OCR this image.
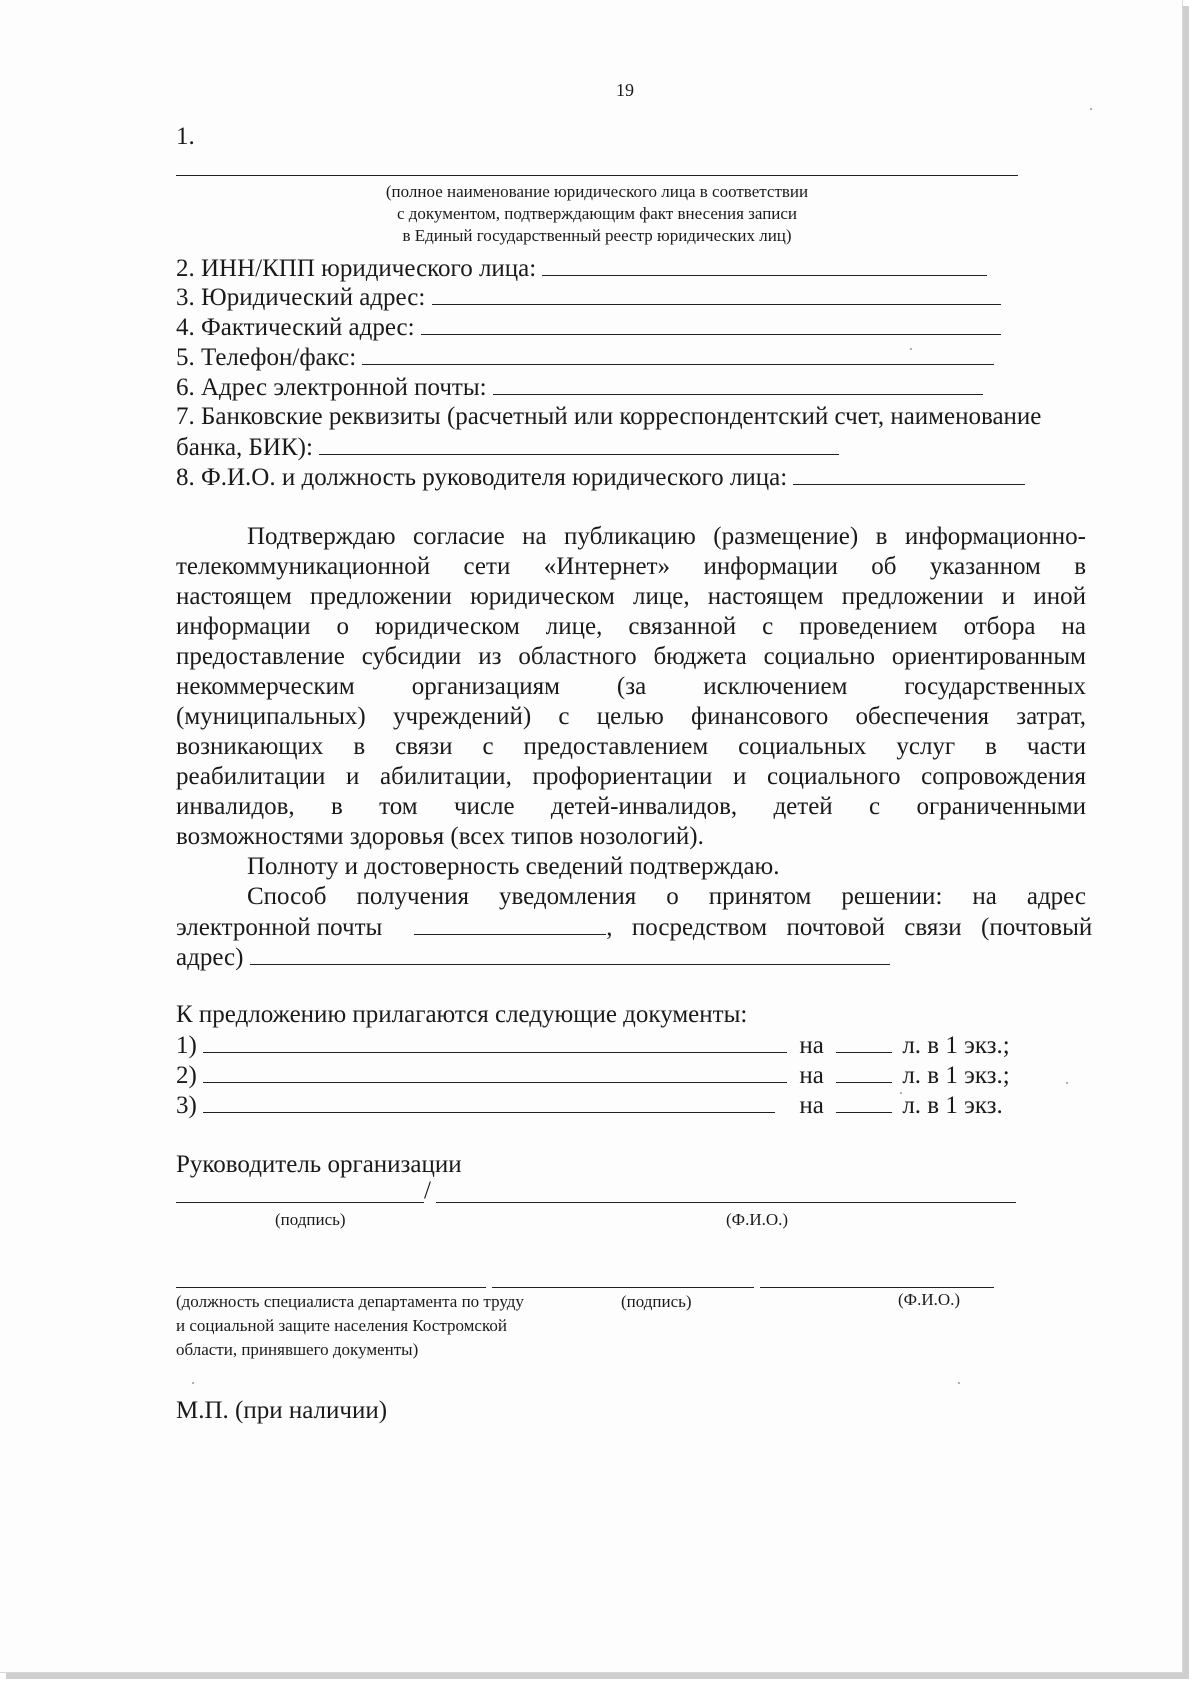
19
1.
(полное наименование юридического лица в соответствии
с документом, подтверждающим факт внесения записи
в Единый государственный реестр юридических лиц)
2. ИНН/КПП юридического лица:
3. Юридический адрес:
4. Фактический адрес:
5. Телефон/факс:
6. Адрес электронной почты:
7. Банковские реквизиты (расчетный или корреспондентский счет, наименование
банка, БИК):
8. Ф.И.О. и должность руководителя юридического лица:
Подтверждаю согласие на публикацию (размещение) в информационно-
телекоммуникационной сети «Интернет» информации об указанном в
настоящем предложении юридическом лице, настоящем предложении и иной
информации о юридическом лице, связанной с проведением отбора на
предоставление субсидии из областного бюджета социально ориентированным
некоммерческим организациям (за исключением государственных
(муниципальных) учреждений) с целью финансового обеспечения затрат,
возникающих в связи с предоставлением социальных услуг в части
реабилитации и абилитации, профориентации и социального сопровождения
инвалидов, в том числе детей-инвалидов, детей с ограниченными
возможностями здоровья (всех типов нозологий).
Полноту и достоверность сведений подтверждаю.
Способ получения уведомления о принятом решении: на адрес
электронной почты	, посредством почтовой связи (почтовый
адрес)
К предложению прилагаются следующие документы:
1)	на	л. в 1 экз.;
2)	на	л. в 1 экз.;
3)	на	л. в 1 экз.
Руководитель организации
/
(подпись)	(Ф.И.О.)
(должность специалиста департамента по труду
и социальной защите населения Костромской
области, принявшего документы)
(подпись)	(Ф.И.О.)
М.П. (при наличии)
